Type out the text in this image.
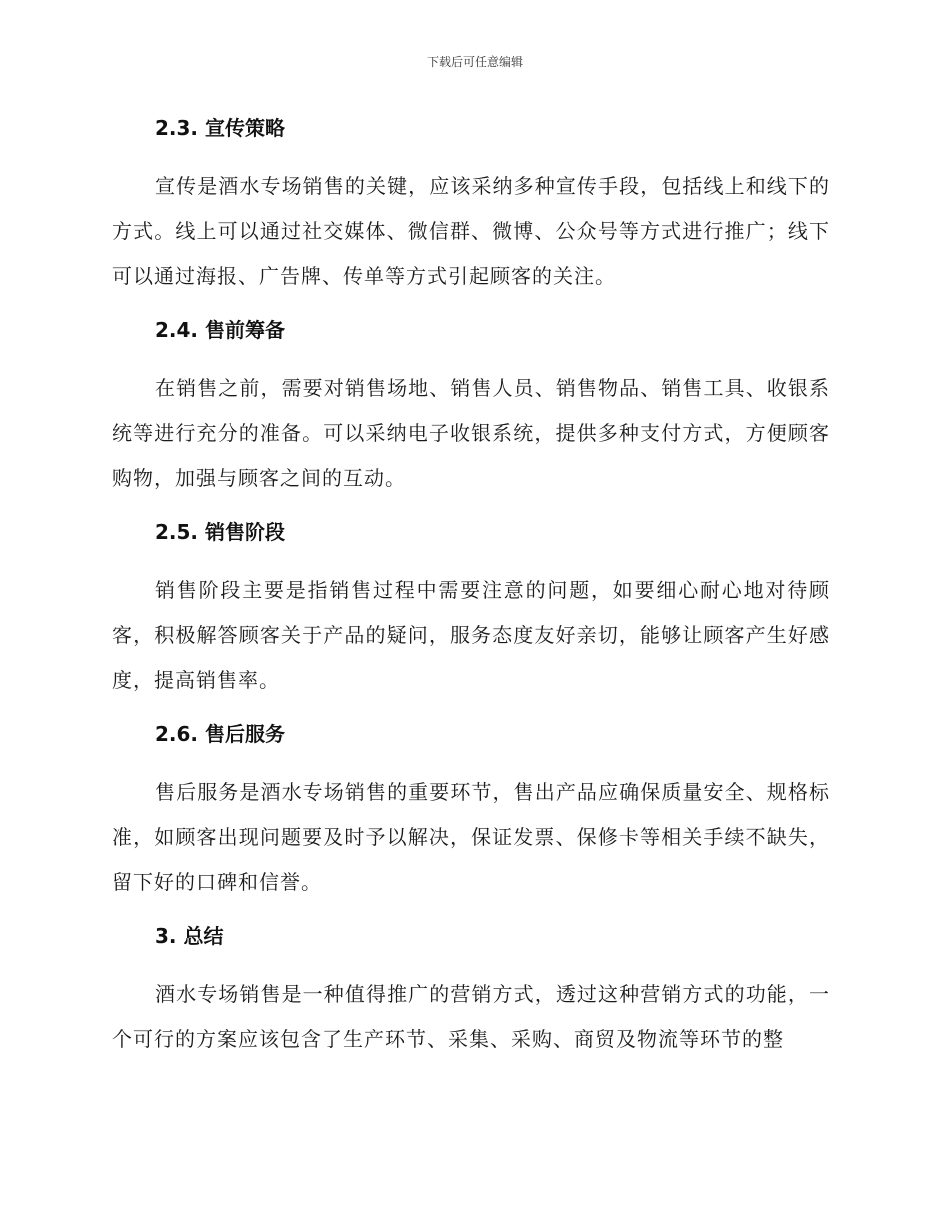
下载后可任意编辑
2.3. 宣传策略

宣传是酒水专场销售的关键，应该采纳多种宣传手段，包括线上和线下的方式。线上可以通过社交媒体、微信群、微博、公众号等方式进行推广；线下可以通过海报、广告牌、传单等方式引起顾客的关注。

2.4. 售前筹备

在销售之前，需要对销售场地、销售人员、销售物品、销售工具、收银系统等进行充分的准备。可以采纳电子收银系统，提供多种支付方式，方便顾客购物，加强与顾客之间的互动。

2.5. 销售阶段

销售阶段主要是指销售过程中需要注意的问题，如要细心耐心地对待顾客，积极解答顾客关于产品的疑问，服务态度友好亲切，能够让顾客产生好感度，提高销售率。

2.6. 售后服务

售后服务是酒水专场销售的重要环节，售出产品应确保质量安全、规格标准，如顾客出现问题要及时予以解决，保证发票、保修卡等相关手续不缺失，留下好的口碑和信誉。

3. 总结

酒水专场销售是一种值得推广的营销方式，透过这种营销方式的功能，一个可行的方案应该包含了生产环节、采集、采购、商贸及物流等环节的整
